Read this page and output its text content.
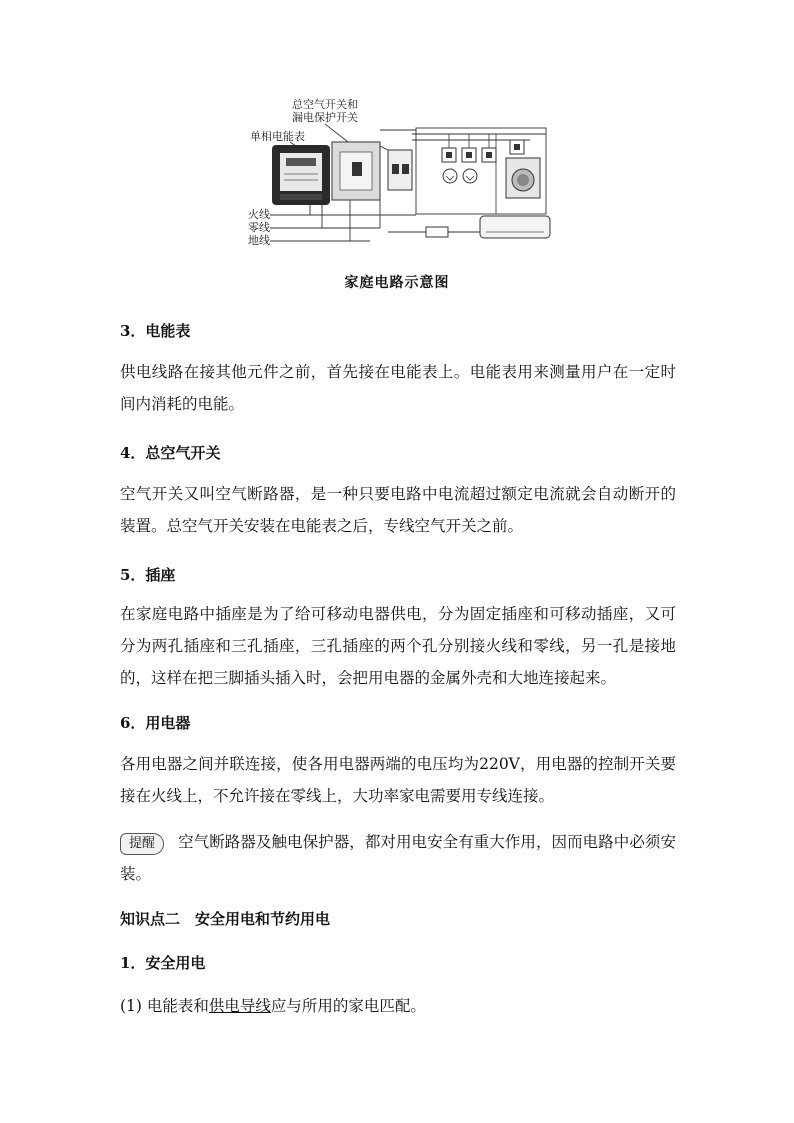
总空气开关和
漏电保护开关
单相电能表
火线
零线
地线
家庭电路示意图
3．电能表
供电线路在接其他元件之前，首先接在电能表上。电能表用来测量用户在一定时间内消耗的电能。
4．总空气开关
空气开关又叫空气断路器，是一种只要电路中电流超过额定电流就会自动断开的装置。总空气开关安装在电能表之后，专线空气开关之前。
5．插座
在家庭电路中插座是为了给可移动电器供电，分为固定插座和可移动插座，又可分为两孔插座和三孔插座，三孔插座的两个孔分别接火线和零线，另一孔是接地的，这样在把三脚插头插入时，会把用电器的金属外壳和大地连接起来。
6．用电器
各用电器之间并联连接，使各用电器两端的电压均为220V，用电器的控制开关要接在火线上，不允许接在零线上，大功率家电需要用专线连接。
提醒 空气断路器及触电保护器，都对用电安全有重大作用，因而电路中必须安装。
知识点二　安全用电和节约用电
1．安全用电
(1) 电能表和供电导线应与所用的家电匹配。
